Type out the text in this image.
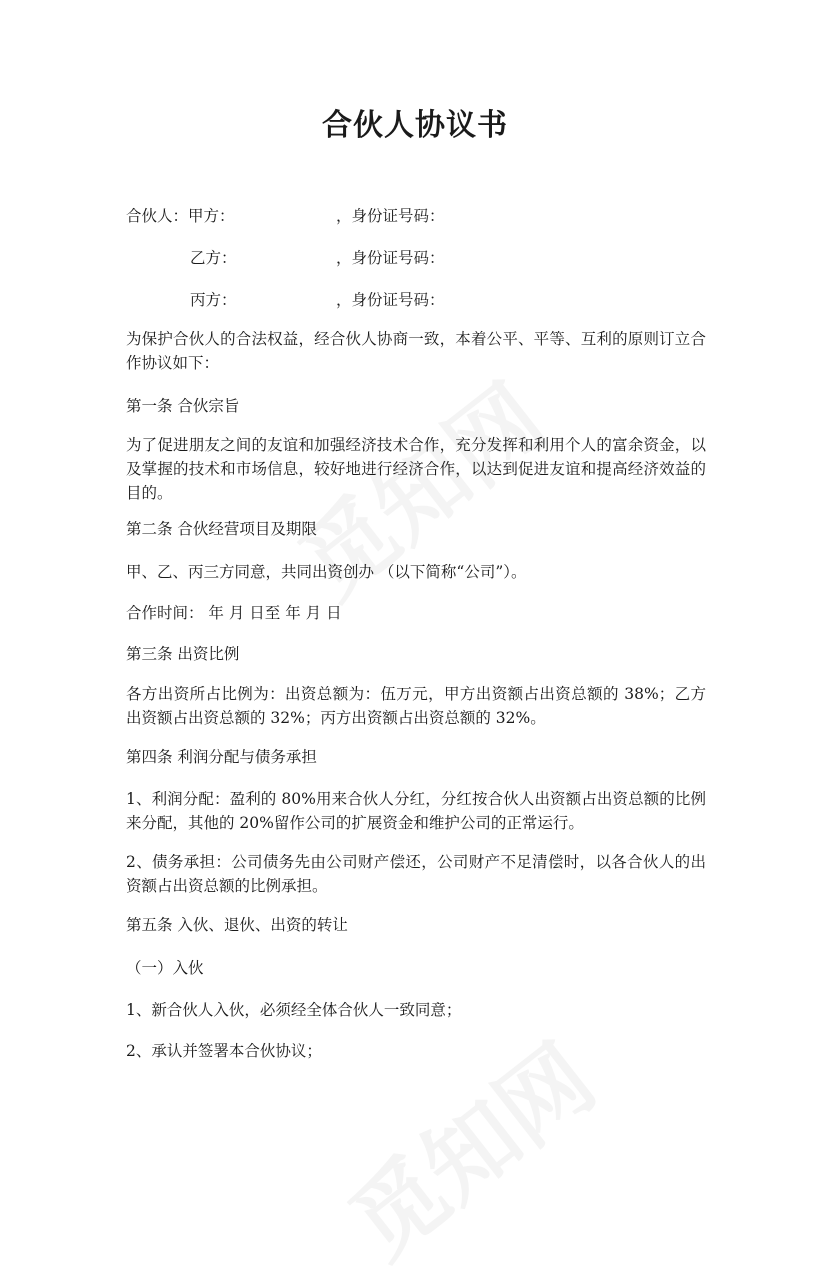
合伙人协议书
合伙人：甲方：	，身份证号码：
乙方：	，身份证号码：
丙方：	，身份证号码：
为保护合伙人的合法权益，经合伙人协商一致，本着公平、平等、互利的原则订立合作协议如下：
第一条 合伙宗旨
为了促进朋友之间的友谊和加强经济技术合作，充分发挥和利用个人的富余资金，以及掌握的技术和市场信息，较好地进行经济合作，以达到促进友谊和提高经济效益的目的。
第二条 合伙经营项目及期限
甲、乙、丙三方同意，共同出资创办 （以下简称“公司”）。
合作时间： 年 月 日至 年 月 日
第三条 出资比例
各方出资所占比例为：出资总额为：伍万元，甲方出资额占出资总额的 38%；乙方出资额占出资总额的 32%；丙方出资额占出资总额的 32%。
第四条 利润分配与债务承担
1、利润分配：盈利的 80%用来合伙人分红，分红按合伙人出资额占出资总额的比例来分配，其他的 20%留作公司的扩展资金和维护公司的正常运行。
2、债务承担：公司债务先由公司财产偿还，公司财产不足清偿时，以各合伙人的出资额占出资总额的比例承担。
第五条 入伙、退伙、出资的转让
（一）入伙
1、新合伙人入伙，必须经全体合伙人一致同意；
2、承认并签署本合伙协议；
